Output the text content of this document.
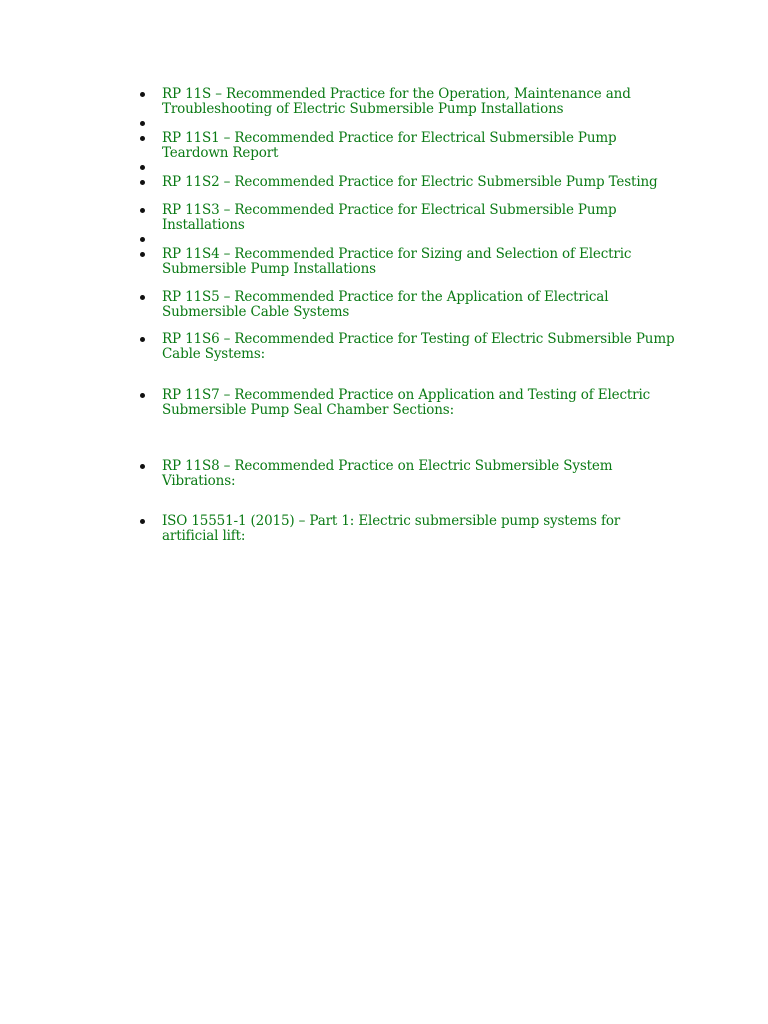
RP 11S – Recommended Practice for the Operation, Maintenance and Troubleshooting of Electric Submersible Pump Installations
RP 11S1 – Recommended Practice for Electrical Submersible Pump Teardown Report
RP 11S2 – Recommended Practice for Electric Submersible Pump Testing
RP 11S3 – Recommended Practice for Electrical Submersible Pump Installations
RP 11S4 – Recommended Practice for Sizing and Selection of Electric Submersible Pump Installations
RP 11S5 – Recommended Practice for the Application of Electrical Submersible Cable Systems
RP 11S6 – Recommended Practice for Testing of Electric Submersible Pump Cable Systems:
RP 11S7 – Recommended Practice on Application and Testing of Electric Submersible Pump Seal Chamber Sections:
RP 11S8 – Recommended Practice on Electric Submersible System Vibrations:
ISO 15551-1 (2015) – Part 1: Electric submersible pump systems for artificial lift:
